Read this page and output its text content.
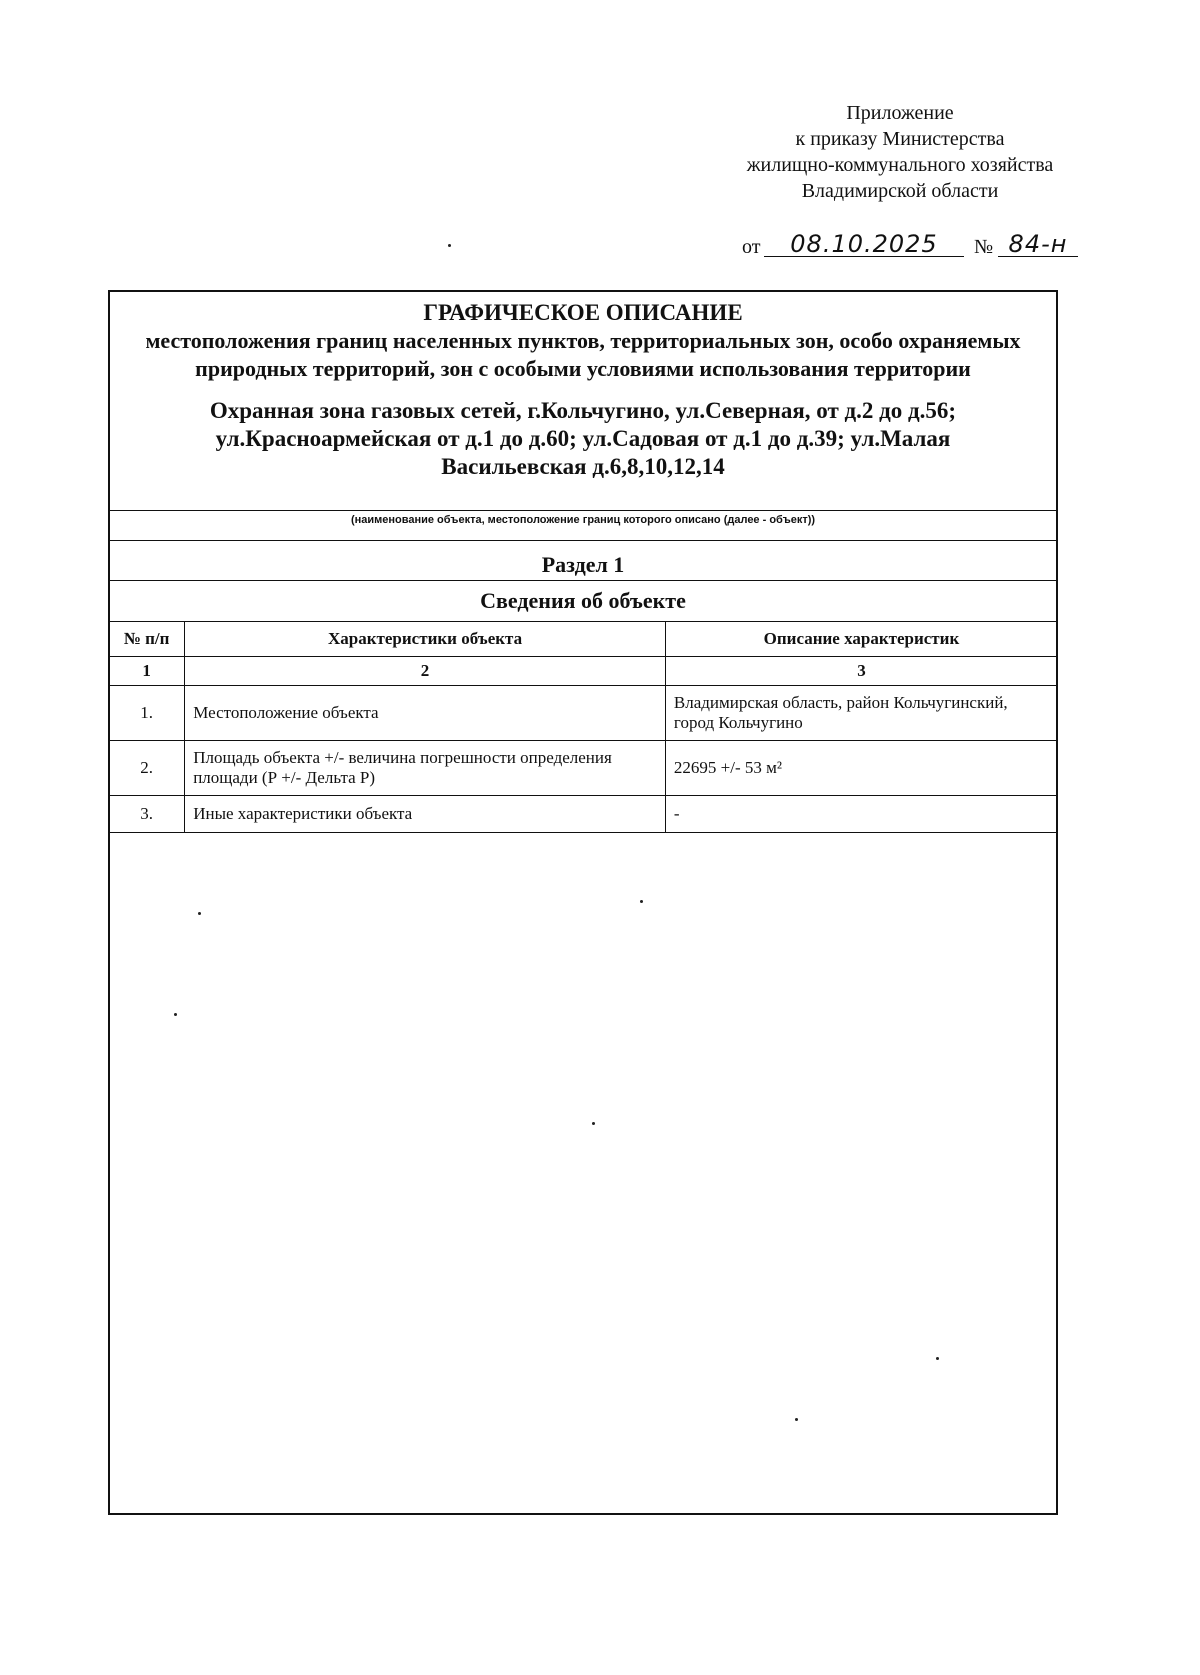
Приложение
к приказу Министерства
жилищно-коммунального хозяйства
Владимирской области
от	08.10.2025	№ 84-н
ГРАФИЧЕСКОЕ ОПИСАНИЕ
местоположения границ населенных пунктов, территориальных зон, особо охраняемых природных территорий, зон с особыми условиями использования территории
Охранная зона газовых сетей, г.Кольчугино, ул.Северная, от д.2 до д.56; ул.Красноармейская от д.1 до д.60; ул.Садовая от д.1 до д.39; ул.Малая Васильевская д.6,8,10,12,14
(наименование объекта, местоположение границ которого описано (далее - объект))
Раздел 1
Сведения об объекте
№ п/п	Характеристики объекта	Описание характеристик
1	2	3
1.	Местоположение объекта	Владимирская область, район Кольчугинский, город Кольчугино
2.	Площадь объекта +/- величина погрешности определения площади (Р +/- Дельта Р)	22695 +/- 53 м²
3.	Иные характеристики объекта	-
